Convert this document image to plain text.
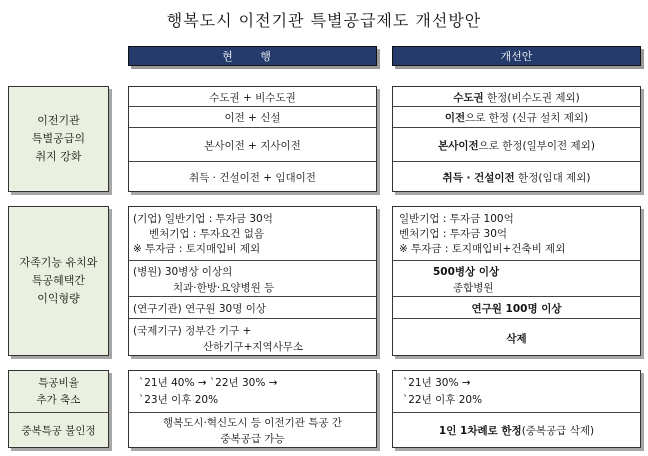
행복도시 이전기관 특별공급제도 개선방안
현 행	개선안
이전기관
특별공급의
취지 강화
수도권 + 비수도권
이전 + 신설
본사이전 + 지사이전
취득 · 건설이전 + 임대이전
수도권 한정(비수도권 제외)
이전으로 한정 (신규 설치 제외)
본사이전으로 한정(일부이전 제외)
취득 · 건설이전 한정(임대 제외)
자족기능 유치와
특공혜택간
이익형량
(기업) 일반기업 : 투자금 30억
벤처기업 : 투자요건 없음
※ 투자금 : 토지매입비 제외
(병원) 30병상 이상의
치과·한방·요양병원 등
(연구기관) 연구원 30명 이상
(국제기구) 정부간 기구 +
산하기구+지역사무소
일반기업 : 투자금 100억
벤처기업 : 투자금 30억
※ 투자금 : 토지매입비+건축비 제외
500병상 이상
종합병원
연구원 100명 이상
삭제
특공비율
추가 축소
중복특공 불인정
`21년 40% → `22년 30% →
`23년 이후 20%
행복도시·혁신도시 등 이전기관 특공 간
중복공급 가능
`21년 30% →
`22년 이후 20%
1인 1차례로 한정(중복공급 삭제)
